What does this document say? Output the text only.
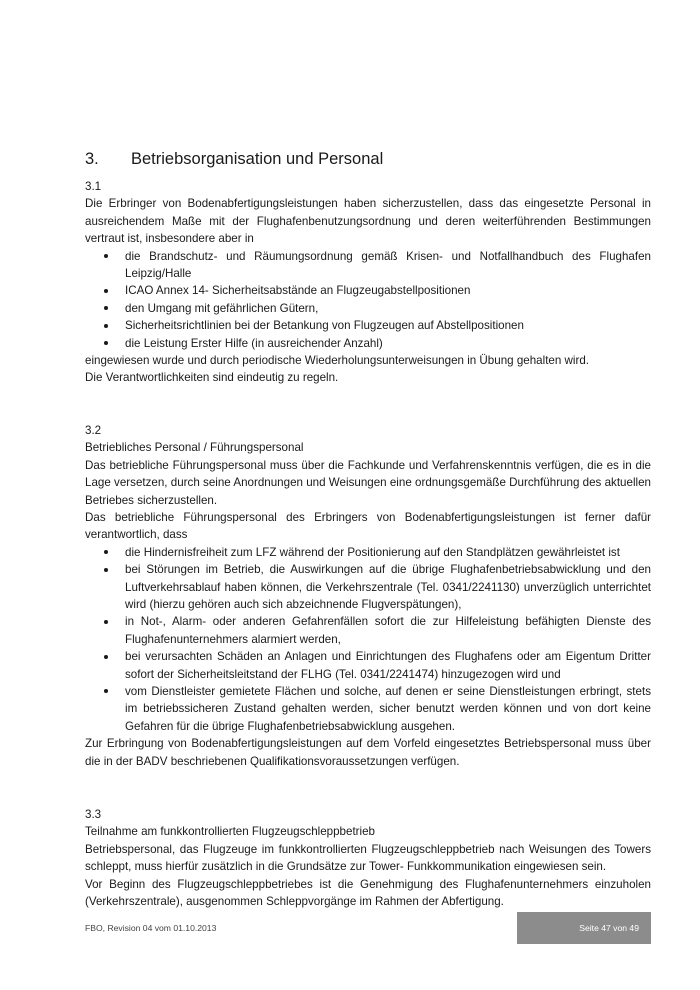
3.	Betriebsorganisation und Personal

3.1

Die Erbringer von Bodenabfertigungsleistungen haben sicherzustellen, dass das eingesetzte Personal in ausreichendem Maße mit der Flughafenbenutzungsordnung und deren weiterführenden Bestimmungen vertraut ist, insbesondere aber in

die Brandschutz- und Räumungsordnung gemäß Krisen- und Notfallhandbuch des Flughafen Leipzig/Halle
ICAO Annex 14- Sicherheitsabstände an Flugzeugabstellpositionen
den Umgang mit gefährlichen Gütern,
Sicherheitsrichtlinien bei der Betankung von Flugzeugen auf Abstellpositionen
die Leistung Erster Hilfe (in ausreichender Anzahl)

eingewiesen wurde und durch periodische Wiederholungsunterweisungen in Übung gehalten wird.

Die Verantwortlichkeiten sind eindeutig zu regeln.

3.2

Betriebliches Personal / Führungspersonal

Das betriebliche Führungspersonal muss über die Fachkunde und Verfahrenskenntnis verfügen, die es in die Lage versetzen, durch seine Anordnungen und Weisungen eine ordnungsgemäße Durchführung des aktuellen Betriebes sicherzustellen.

Das betriebliche Führungspersonal des Erbringers von Bodenabfertigungsleistungen ist ferner dafür verantwortlich, dass

die Hindernisfreiheit zum LFZ während der Positionierung auf den Standplätzen gewährleistet ist
bei Störungen im Betrieb, die Auswirkungen auf die übrige Flughafenbetriebsabwicklung und den Luftverkehrsablauf haben können, die Verkehrszentrale (Tel. 0341/2241130) unverzüglich unterrichtet wird (hierzu gehören auch sich abzeichnende Flugverspätungen),
in Not-, Alarm- oder anderen Gefahrenfällen sofort die zur Hilfeleistung befähigten Dienste des Flughafenunternehmers alarmiert werden,
bei verursachten Schäden an Anlagen und Einrichtungen des Flughafens oder am Eigentum Dritter sofort der Sicherheitsleitstand der FLHG (Tel. 0341/2241474) hinzugezogen wird und
vom Dienstleister gemietete Flächen und solche, auf denen er seine Dienstleistungen erbringt, stets im betriebssicheren Zustand gehalten werden, sicher benutzt werden können und von dort keine Gefahren für die übrige Flughafenbetriebsabwicklung ausgehen.

Zur Erbringung von Bodenabfertigungsleistungen auf dem Vorfeld eingesetztes Betriebspersonal muss über die in der BADV beschriebenen Qualifikationsvoraussetzungen verfügen.

3.3

Teilnahme am funkkontrollierten Flugzeugschleppbetrieb

Betriebspersonal, das Flugzeuge im funkkontrollierten Flugzeugschleppbetrieb nach Weisungen des Towers schleppt, muss hierfür zusätzlich in die Grundsätze zur Tower- Funkkommunikation eingewiesen sein.

Vor Beginn des Flugzeugschleppbetriebes ist die Genehmigung des Flughafenunternehmers einzuholen (Verkehrszentrale), ausgenommen Schleppvorgänge im Rahmen der Abfertigung.

FBO, Revision 04 vom 01.10.2013	Seite 47 von 49
